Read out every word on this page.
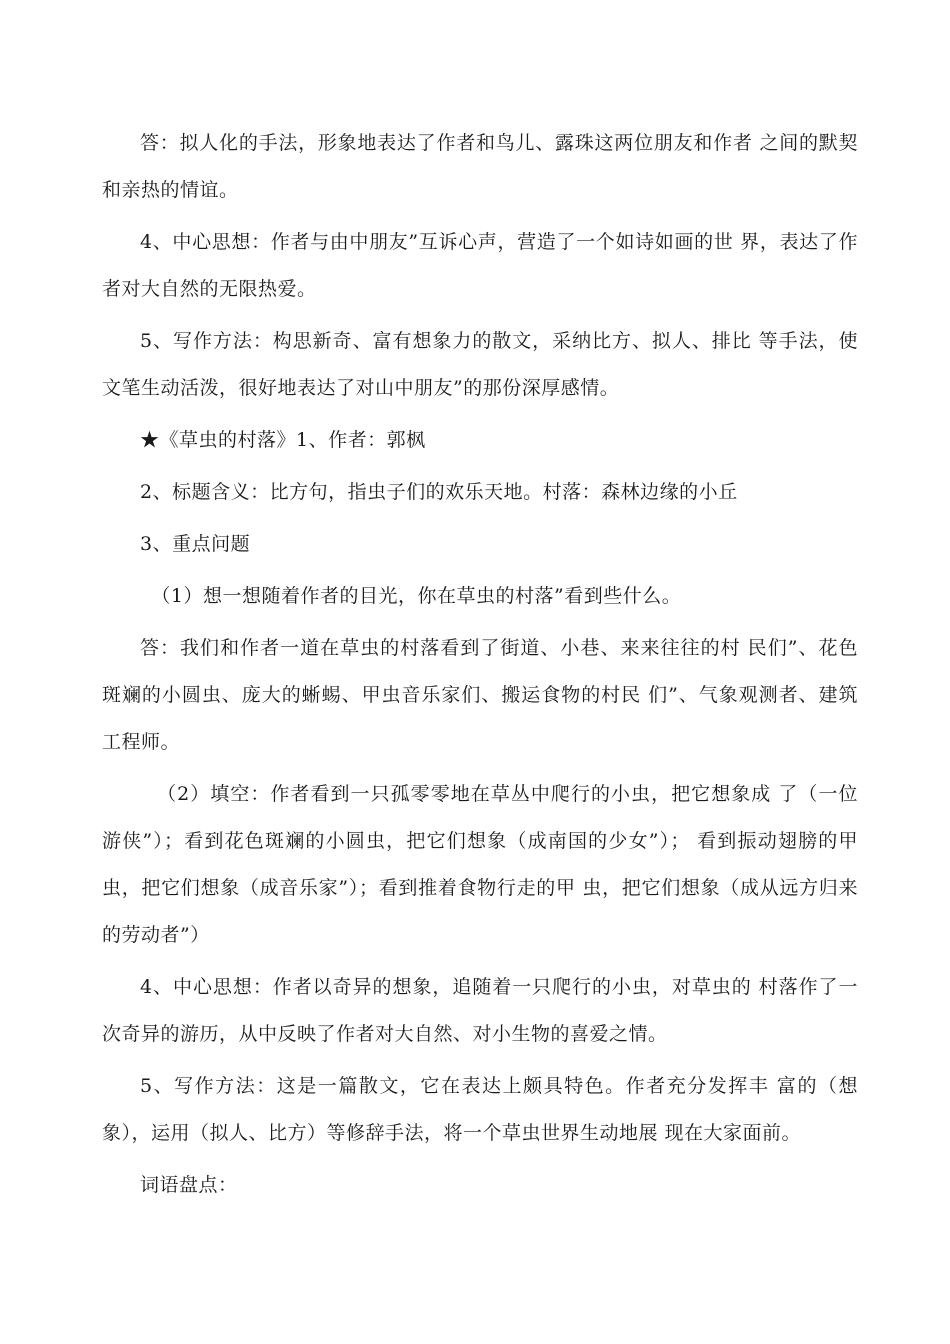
答：拟人化的手法，形象地表达了作者和鸟儿、露珠这两位朋友和作者 之间的默契和亲热的情谊。

4、中心思想：作者与由中朋友”互诉心声，营造了一个如诗如画的世 界，表达了作者对大自然的无限热爱。

5、写作方法：构思新奇、富有想象力的散文，采纳比方、拟人、排比 等手法，使文笔生动活泼，很好地表达了对山中朋友”的那份深厚感情。

★《草虫的村落》1、作者：郭枫

2、标题含义：比方句，指虫子们的欢乐天地。村落：森林边缘的小丘

3、重点问题

（1）想一想随着作者的目光，你在草虫的村落”看到些什么。

答：我们和作者一道在草虫的村落看到了街道、小巷、来来往往的村 民们”、花色斑斓的小圆虫、庞大的蜥蜴、甲虫音乐家们、搬运食物的村民 们”、气象观测者、建筑工程师。

（2）填空：作者看到一只孤零零地在草丛中爬行的小虫，把它想象成 了（一位游侠”）；看到花色斑斓的小圆虫，把它们想象（成南国的少女”）； 看到振动翅膀的甲虫，把它们想象（成音乐家”）；看到推着食物行走的甲 虫，把它们想象（成从远方归来的劳动者”）

4、中心思想：作者以奇异的想象，追随着一只爬行的小虫，对草虫的 村落作了一次奇异的游历，从中反映了作者对大自然、对小生物的喜爱之情。

5、写作方法：这是一篇散文，它在表达上颇具特色。作者充分发挥丰 富的（想象），运用（拟人、比方）等修辞手法，将一个草虫世界生动地展 现在大家面前。

词语盘点：
